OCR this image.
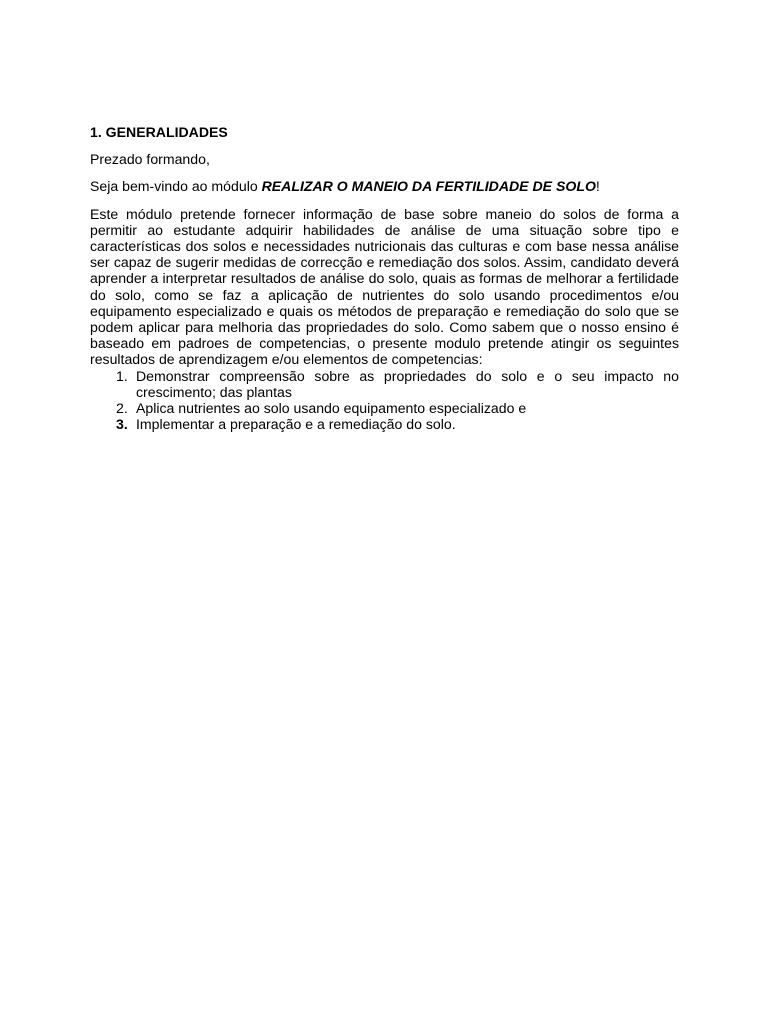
1. GENERALIDADES
Prezado formando,
Seja bem-vindo ao módulo REALIZAR O MANEIO DA FERTILIDADE DE SOLO!

Este módulo pretende fornecer informação de base sobre maneio do solos de forma a permitir ao estudante adquirir habilidades de análise de uma situação sobre tipo e características dos solos e necessidades nutricionais das culturas e com base nessa análise ser capaz de sugerir medidas de correcção e remediação dos solos. Assim, candidato deverá aprender a interpretar resultados de análise do solo, quais as formas de melhorar a fertilidade do solo, como se faz a aplicação de nutrientes do solo usando procedimentos e/ou equipamento especializado e quais os métodos de preparação e remediação do solo que se podem aplicar para melhoria das propriedades do solo. Como sabem que o nosso ensino é baseado em padroes de competencias, o presente modulo pretende atingir os seguintes resultados de aprendizagem e/ou elementos de competencias:

1. Demonstrar compreensão sobre as propriedades do solo e o seu impacto no crescimento; das plantas
2. Aplica nutrientes ao solo usando equipamento especializado e
3. Implementar a preparação e a remediação do solo.
